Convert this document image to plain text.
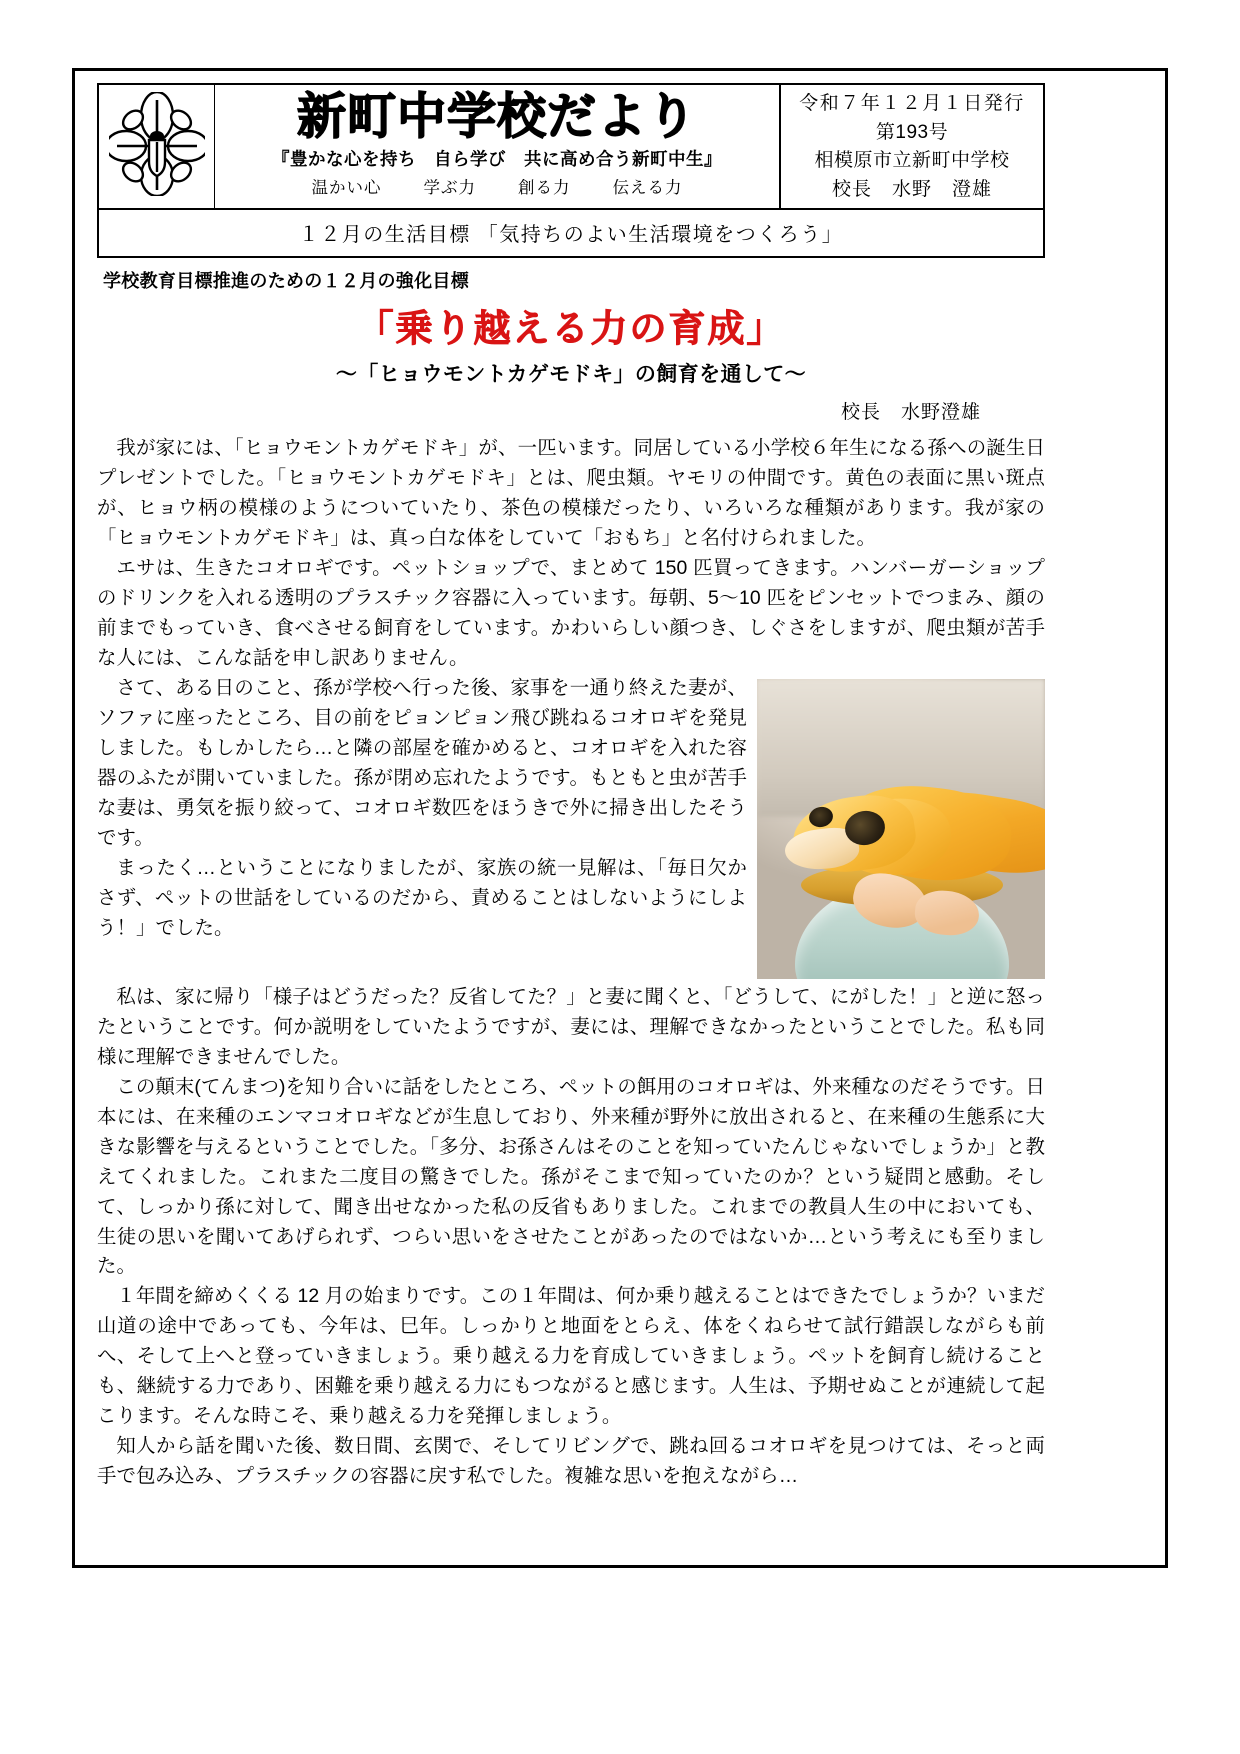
新町中学校だより
『豊かな心を持ち　自ら学び　共に高め合う新町中生』
温かい心	学ぶ力	創る力	伝える力
令和７年１２月１日発行
第193号
相模原市立新町中学校
校長　水野　澄雄
１２月の生活目標 「気持ちのよい生活環境をつくろう」
学校教育目標推進のための１２月の強化目標
「乗り越える力の育成」
〜「ヒョウモントカゲモドキ」の飼育を通して〜
校長　水野澄雄

我が家には、「ヒョウモントカゲモドキ」が、一匹います。同居している小学校６年生になる孫への誕生日プレゼントでした。「ヒョウモントカゲモドキ」とは、爬虫類。ヤモリの仲間です。黄色の表面に黒い斑点が、ヒョウ柄の模様のようについていたり、茶色の模様だったり、いろいろな種類があります。我が家の「ヒョウモントカゲモドキ」は、真っ白な体をしていて「おもち」と名付けられました。

エサは、生きたコオロギです。ペットショップで、まとめて 150 匹買ってきます。ハンバーガーショップのドリンクを入れる透明のプラスチック容器に入っています。毎朝、5〜10 匹をピンセットでつまみ、顔の前までもっていき、食べさせる飼育をしています。かわいらしい顔つき、しぐさをしますが、爬虫類が苦手な人には、こんな話を申し訳ありません。

さて、ある日のこと、孫が学校へ行った後、家事を一通り終えた妻が、ソファに座ったところ、目の前をピョンピョン飛び跳ねるコオロギを発見しました。もしかしたら…と隣の部屋を確かめると、コオロギを入れた容器のふたが開いていました。孫が閉め忘れたようです。もともと虫が苦手な妻は、勇気を振り絞って、コオロギ数匹をほうきで外に掃き出したそうです。

まったく…ということになりましたが、家族の統一見解は、「毎日欠かさず、ペットの世話をしているのだから、責めることはしないようにしよう！」でした。

私は、家に帰り「様子はどうだった？反省してた？」と妻に聞くと、「どうして、にがした！」と逆に怒ったということです。何か説明をしていたようですが、妻には、理解できなかったということでした。私も同様に理解できませんでした。

この顛末(てんまつ)を知り合いに話をしたところ、ペットの餌用のコオロギは、外来種なのだそうです。日本には、在来種のエンマコオロギなどが生息しており、外来種が野外に放出されると、在来種の生態系に大きな影響を与えるということでした。「多分、お孫さんはそのことを知っていたんじゃないでしょうか」と教えてくれました。これまた二度目の驚きでした。孫がそこまで知っていたのか？という疑問と感動。そして、しっかり孫に対して、聞き出せなかった私の反省もありました。これまでの教員人生の中においても、生徒の思いを聞いてあげられず、つらい思いをさせたことがあったのではないか…という考えにも至りました。

１年間を締めくくる 12 月の始まりです。この１年間は、何か乗り越えることはできたでしょうか？いまだ山道の途中であっても、今年は、巳年。しっかりと地面をとらえ、体をくねらせて試行錯誤しながらも前へ、そして上へと登っていきましょう。乗り越える力を育成していきましょう。ペットを飼育し続けることも、継続する力であり、困難を乗り越える力にもつながると感じます。人生は、予期せぬことが連続して起こります。そんな時こそ、乗り越える力を発揮しましょう。

知人から話を聞いた後、数日間、玄関で、そしてリビングで、跳ね回るコオロギを見つけては、そっと両手で包み込み、プラスチックの容器に戻す私でした。複雑な思いを抱えながら…
